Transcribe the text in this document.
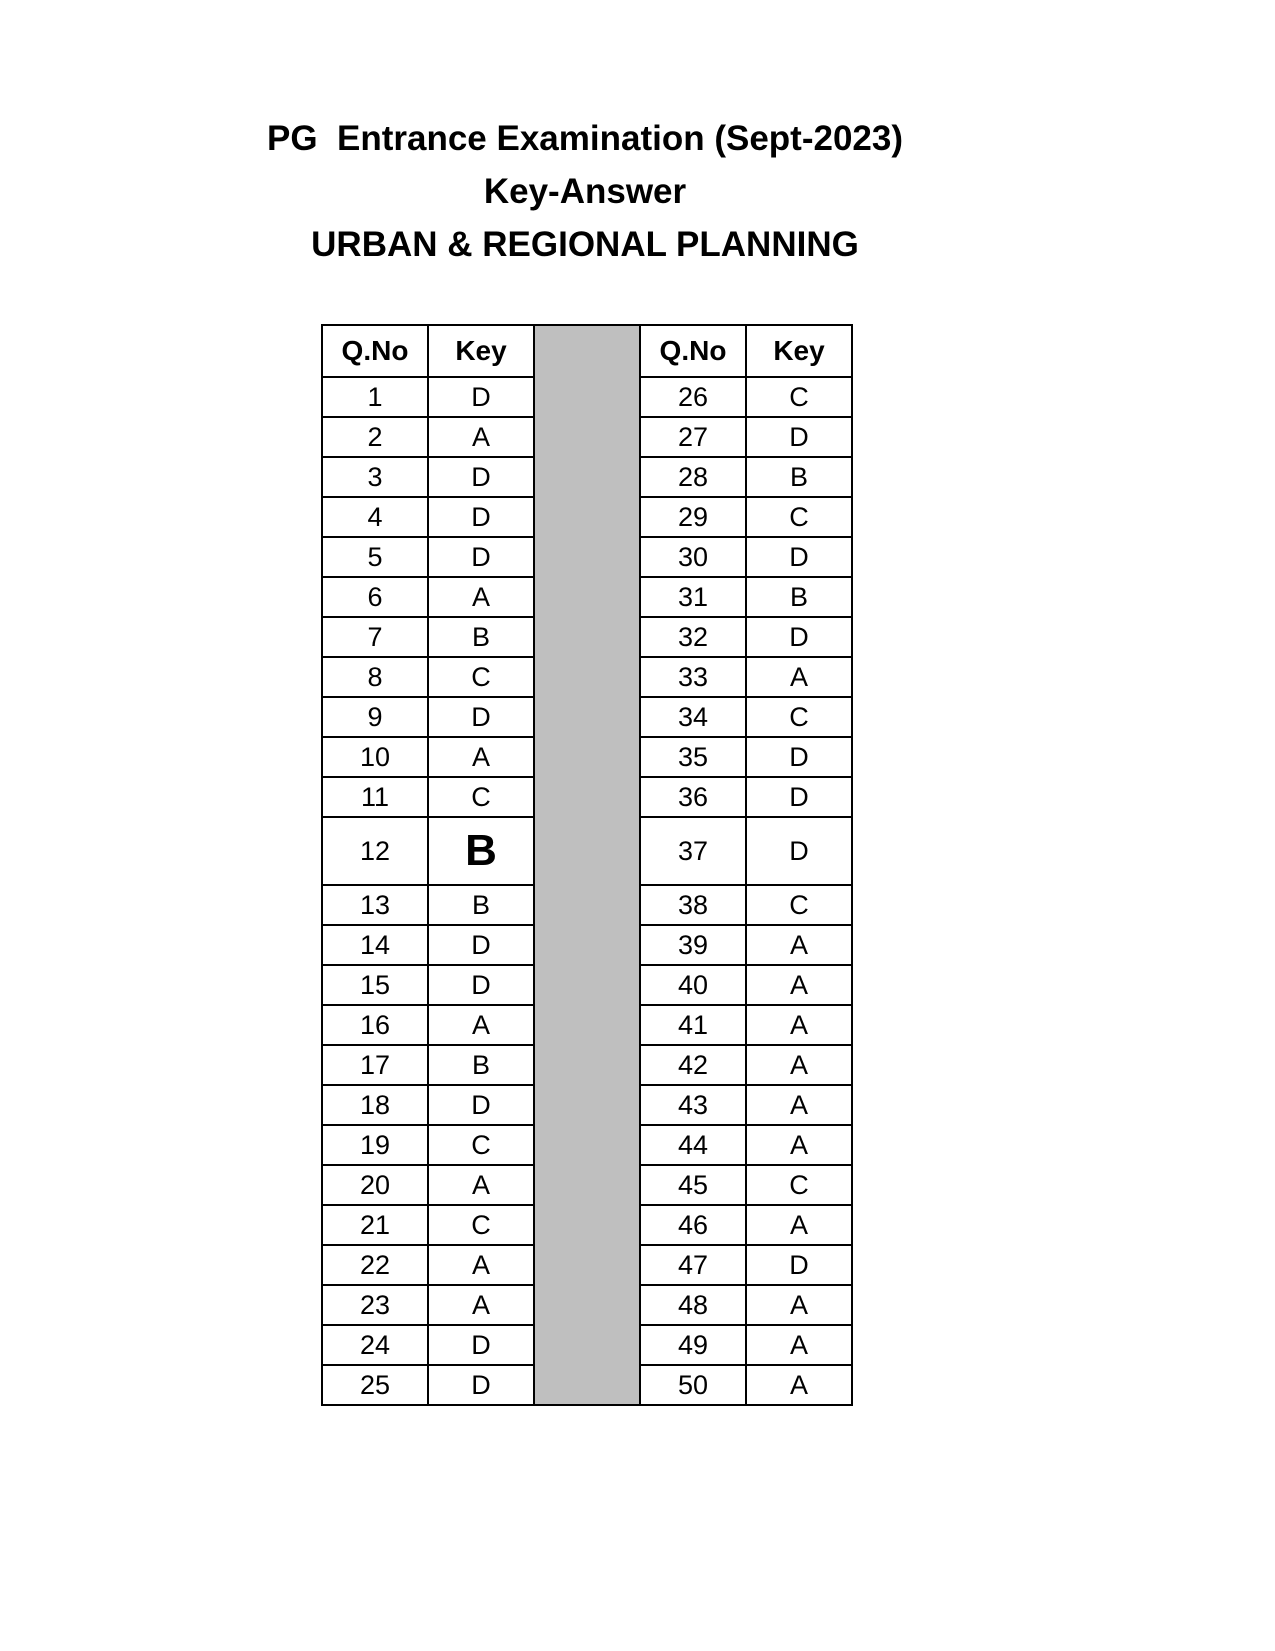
PG  Entrance Examination (Sept-2023)
Key-Answer
URBAN & REGIONAL PLANNING
Q.No	Key		Q.No	Key
1	D		26	C
2	A		27	D
3	D		28	B
4	D		29	C
5	D		30	D
6	A		31	B
7	B		32	D
8	C		33	A
9	D		34	C
10	A		35	D
11	C		36	D
12	B		37	D
13	B		38	C
14	D		39	A
15	D		40	A
16	A		41	A
17	B		42	A
18	D		43	A
19	C		44	A
20	A		45	C
21	C		46	A
22	A		47	D
23	A		48	A
24	D		49	A
25	D		50	A
